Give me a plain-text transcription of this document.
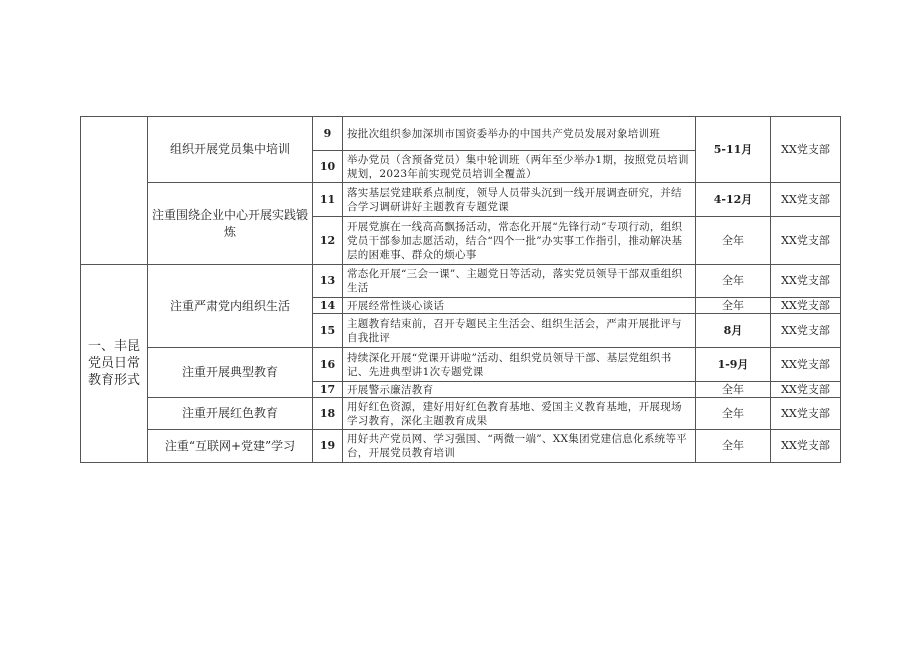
	组织开展党员集中培训	9	按批次组织参加深圳市国资委举办的中国共产党员发展对象培训班	5-11月	XX党支部
		10	举办党员（含预备党员）集中轮训班（两年至少举办1期，按照党员培训规划，2023年前实现党员培训全覆盖）		
	注重围绕企业中心开展实践锻炼	11	落实基层党建联系点制度，领导人员带头沉到一线开展调查研究，并结合学习调研讲好主题教育专题党课	4-12月	XX党支部
		12	开展党旗在一线高高飘扬活动，常态化开展“先锋行动”专项行动，组织党员干部参加志愿活动，结合“四个一批”办实事工作指引，推动解决基层的困难事、群众的烦心事	全年	XX党支部
一、丰昆党员日常教育形式	注重严肃党内组织生活	13	常态化开展“三会一课”、主题党日等活动，落实党员领导干部双重组织生活	全年	XX党支部
		14	开展经常性谈心谈话	全年	XX党支部
		15	主题教育结束前，召开专题民主生活会、组织生活会，严肃开展批评与自我批评	8月	XX党支部
	注重开展典型教育	16	持续深化开展“党课开讲啦”活动、组织党员领导干部、基层党组织书记、先进典型讲1次专题党课	1-9月	XX党支部
		17	开展警示廉洁教育	全年	XX党支部
	注重开展红色教育	18	用好红色资源，建好用好红色教育基地、爱国主义教育基地，开展现场学习教育，深化主题教育成果	全年	XX党支部
	注重“互联网+党建”学习	19	用好共产党员网、学习强国、“两微一端”、XX集团党建信息化系统等平台，开展党员教育培训	全年	XX党支部
